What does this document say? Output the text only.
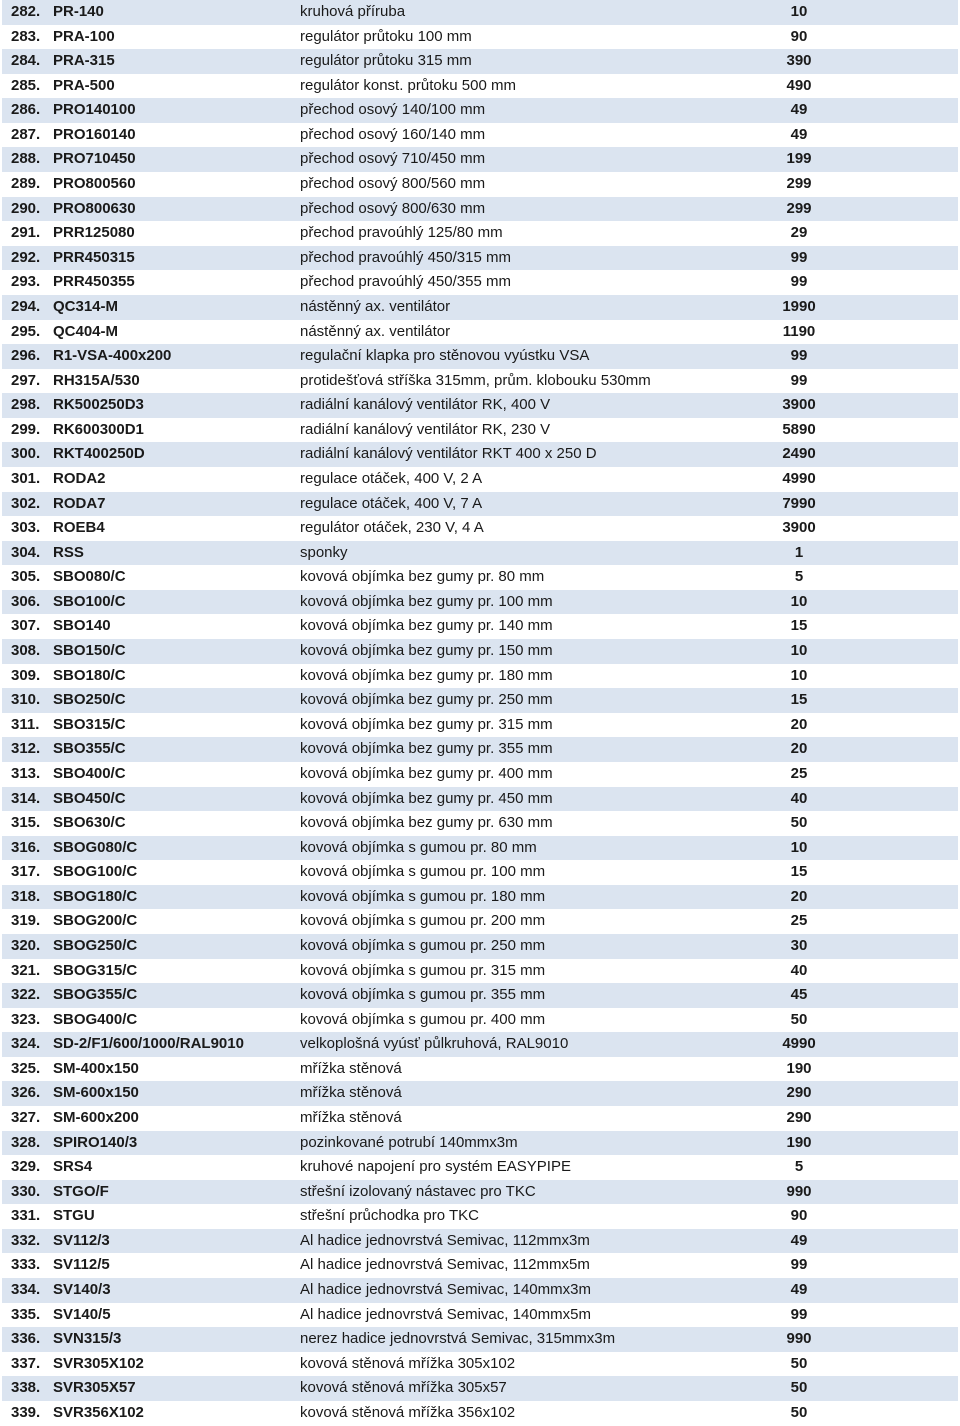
282. PR-140	kruhová příruba	10
283. PRA-100	regulátor průtoku 100 mm	90
284. PRA-315	regulátor průtoku 315 mm	390
285. PRA-500	regulátor konst. průtoku 500 mm	490
286. PRO140100	přechod osový 140/100 mm	49
287. PRO160140	přechod osový 160/140 mm	49
288. PRO710450	přechod osový 710/450 mm	199
289. PRO800560	přechod osový 800/560 mm	299
290. PRO800630	přechod osový 800/630 mm	299
291. PRR125080	přechod pravoúhlý 125/80 mm	29
292. PRR450315	přechod pravoúhlý 450/315 mm	99
293. PRR450355	přechod pravoúhlý 450/355 mm	99
294. QC314-M	nástěnný ax. ventilátor	1990
295. QC404-M	nástěnný ax. ventilátor	1190
296. R1-VSA-400x200	regulační klapka pro stěnovou vyústku VSA	99
297. RH315A/530	protidešťová stříška 315mm, prům. klobouku 530mm	99
298. RK500250D3	radiální kanálový ventilátor RK, 400 V	3900
299. RK600300D1	radiální kanálový ventilátor RK, 230 V	5890
300. RKT400250D	radiální kanálový ventilátor RKT 400 x 250 D	2490
301. RODA2	regulace otáček, 400 V, 2 A	4990
302. RODA7	regulace otáček, 400 V, 7 A	7990
303. ROEB4	regulátor otáček, 230 V, 4 A	3900
304. RSS	sponky	1
305. SBO080/C	kovová objímka bez gumy pr. 80 mm	5
306. SBO100/C	kovová objímka bez gumy pr. 100 mm	10
307. SBO140	kovová objímka bez gumy pr. 140 mm	15
308. SBO150/C	kovová objímka bez gumy pr. 150 mm	10
309. SBO180/C	kovová objímka bez gumy pr. 180 mm	10
310. SBO250/C	kovová objímka bez gumy pr. 250 mm	15
311. SBO315/C	kovová objímka bez gumy pr. 315 mm	20
312. SBO355/C	kovová objímka bez gumy pr. 355 mm	20
313. SBO400/C	kovová objímka bez gumy pr. 400 mm	25
314. SBO450/C	kovová objímka bez gumy pr. 450 mm	40
315. SBO630/C	kovová objímka bez gumy pr. 630 mm	50
316. SBOG080/C	kovová objímka s gumou pr. 80 mm	10
317. SBOG100/C	kovová objímka s gumou pr. 100 mm	15
318. SBOG180/C	kovová objímka s gumou pr. 180 mm	20
319. SBOG200/C	kovová objímka s gumou pr. 200 mm	25
320. SBOG250/C	kovová objímka s gumou pr. 250 mm	30
321. SBOG315/C	kovová objímka s gumou pr. 315 mm	40
322. SBOG355/C	kovová objímka s gumou pr. 355 mm	45
323. SBOG400/C	kovová objímka s gumou pr. 400 mm	50
324. SD-2/F1/600/1000/RAL9010	velkoplošná vyúsť půlkruhová, RAL9010	4990
325. SM-400x150	mřížka stěnová	190
326. SM-600x150	mřížka stěnová	290
327. SM-600x200	mřížka stěnová	290
328. SPIRO140/3	pozinkované potrubí 140mmx3m	190
329. SRS4	kruhové napojení pro systém EASYPIPE	5
330. STGO/F	střešní izolovaný nástavec pro TKC	990
331. STGU	střešní průchodka pro TKC	90
332. SV112/3	Al hadice jednovrstvá Semivac, 112mmx3m	49
333. SV112/5	Al hadice jednovrstvá Semivac, 112mmx5m	99
334. SV140/3	Al hadice jednovrstvá Semivac, 140mmx3m	49
335. SV140/5	Al hadice jednovrstvá Semivac, 140mmx5m	99
336. SVN315/3	nerez hadice jednovrstvá Semivac, 315mmx3m	990
337. SVR305X102	kovová stěnová mřížka 305x102	50
338. SVR305X57	kovová stěnová mřížka 305x57	50
339. SVR356X102	kovová stěnová mřížka 356x102	50
